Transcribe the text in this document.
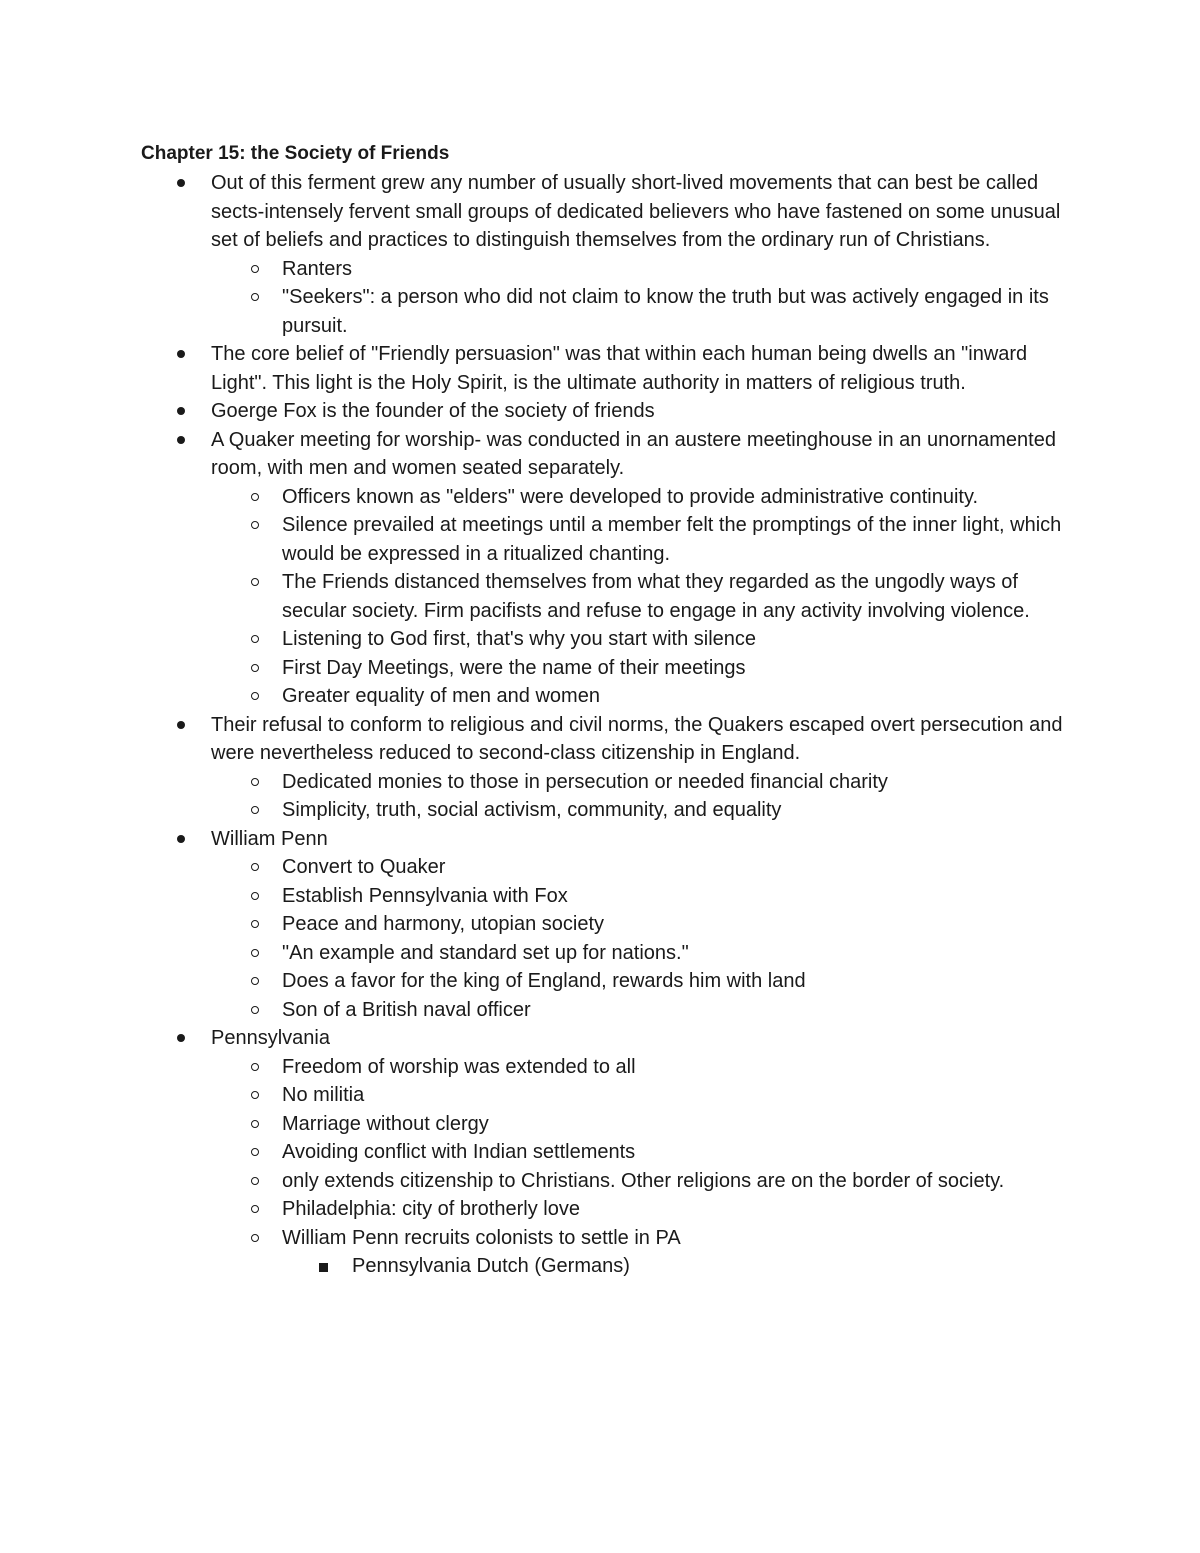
Chapter 15: the Society of Friends
Out of this ferment grew any number of usually short-lived movements that can best be called sects-intensely fervent small groups of dedicated believers who have fastened on some unusual set of beliefs and practices to distinguish themselves from the ordinary run of Christians.
Ranters
"Seekers": a person who did not claim to know the truth but was actively engaged in its pursuit.
The core belief of "Friendly persuasion" was that within each human being dwells an "inward Light". This light is the Holy Spirit, is the ultimate authority in matters of religious truth.
Goerge Fox is the founder of the society of friends
A Quaker meeting for worship- was conducted in an austere meetinghouse in an unornamented room, with men and women seated separately.
Officers known as "elders" were developed to provide administrative continuity.
Silence prevailed at meetings until a member felt the promptings of the inner light, which would be expressed in a ritualized chanting.
The Friends distanced themselves from what they regarded as the ungodly ways of secular society. Firm pacifists and refuse to engage in any activity involving violence.
Listening to God first, that's why you start with silence
First Day Meetings, were the name of their meetings
Greater equality of men and women
Their refusal to conform to religious and civil norms, the Quakers escaped overt persecution and were nevertheless reduced to second-class citizenship in England.
Dedicated monies to those in persecution or needed financial charity
Simplicity, truth, social activism, community, and equality
William Penn
Convert to Quaker
Establish Pennsylvania with Fox
Peace and harmony, utopian society
"An example and standard set up for nations."
Does a favor for the king of England, rewards him with land
Son of a British naval officer
Pennsylvania
Freedom of worship was extended to all
No militia
Marriage without clergy
Avoiding conflict with Indian settlements
only extends citizenship to Christians. Other religions are on the border of society.
Philadelphia: city of brotherly love
William Penn recruits colonists to settle in PA
Pennsylvania Dutch (Germans)
